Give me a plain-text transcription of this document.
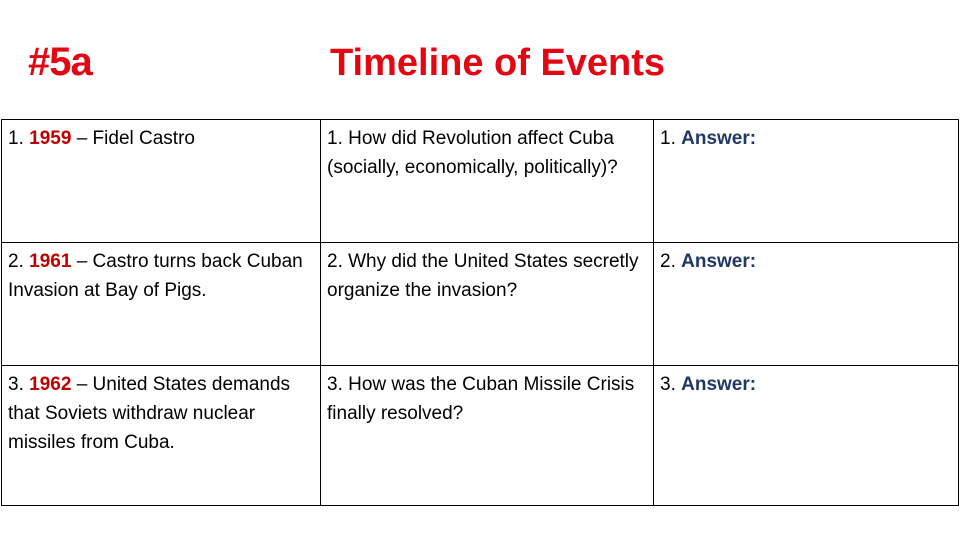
#5a	Timeline of Events
1. 1959 – Fidel Castro	1. How did Revolution affect Cuba (socially, economically, politically)?	1. Answer:
2. 1961 – Castro turns back Cuban Invasion at Bay of Pigs.	2. Why did the United States secretly organize the invasion?	2. Answer:
3. 1962 – United States demands that Soviets withdraw nuclear missiles from Cuba.	3. How was the Cuban Missile Crisis finally resolved?	3. Answer:
